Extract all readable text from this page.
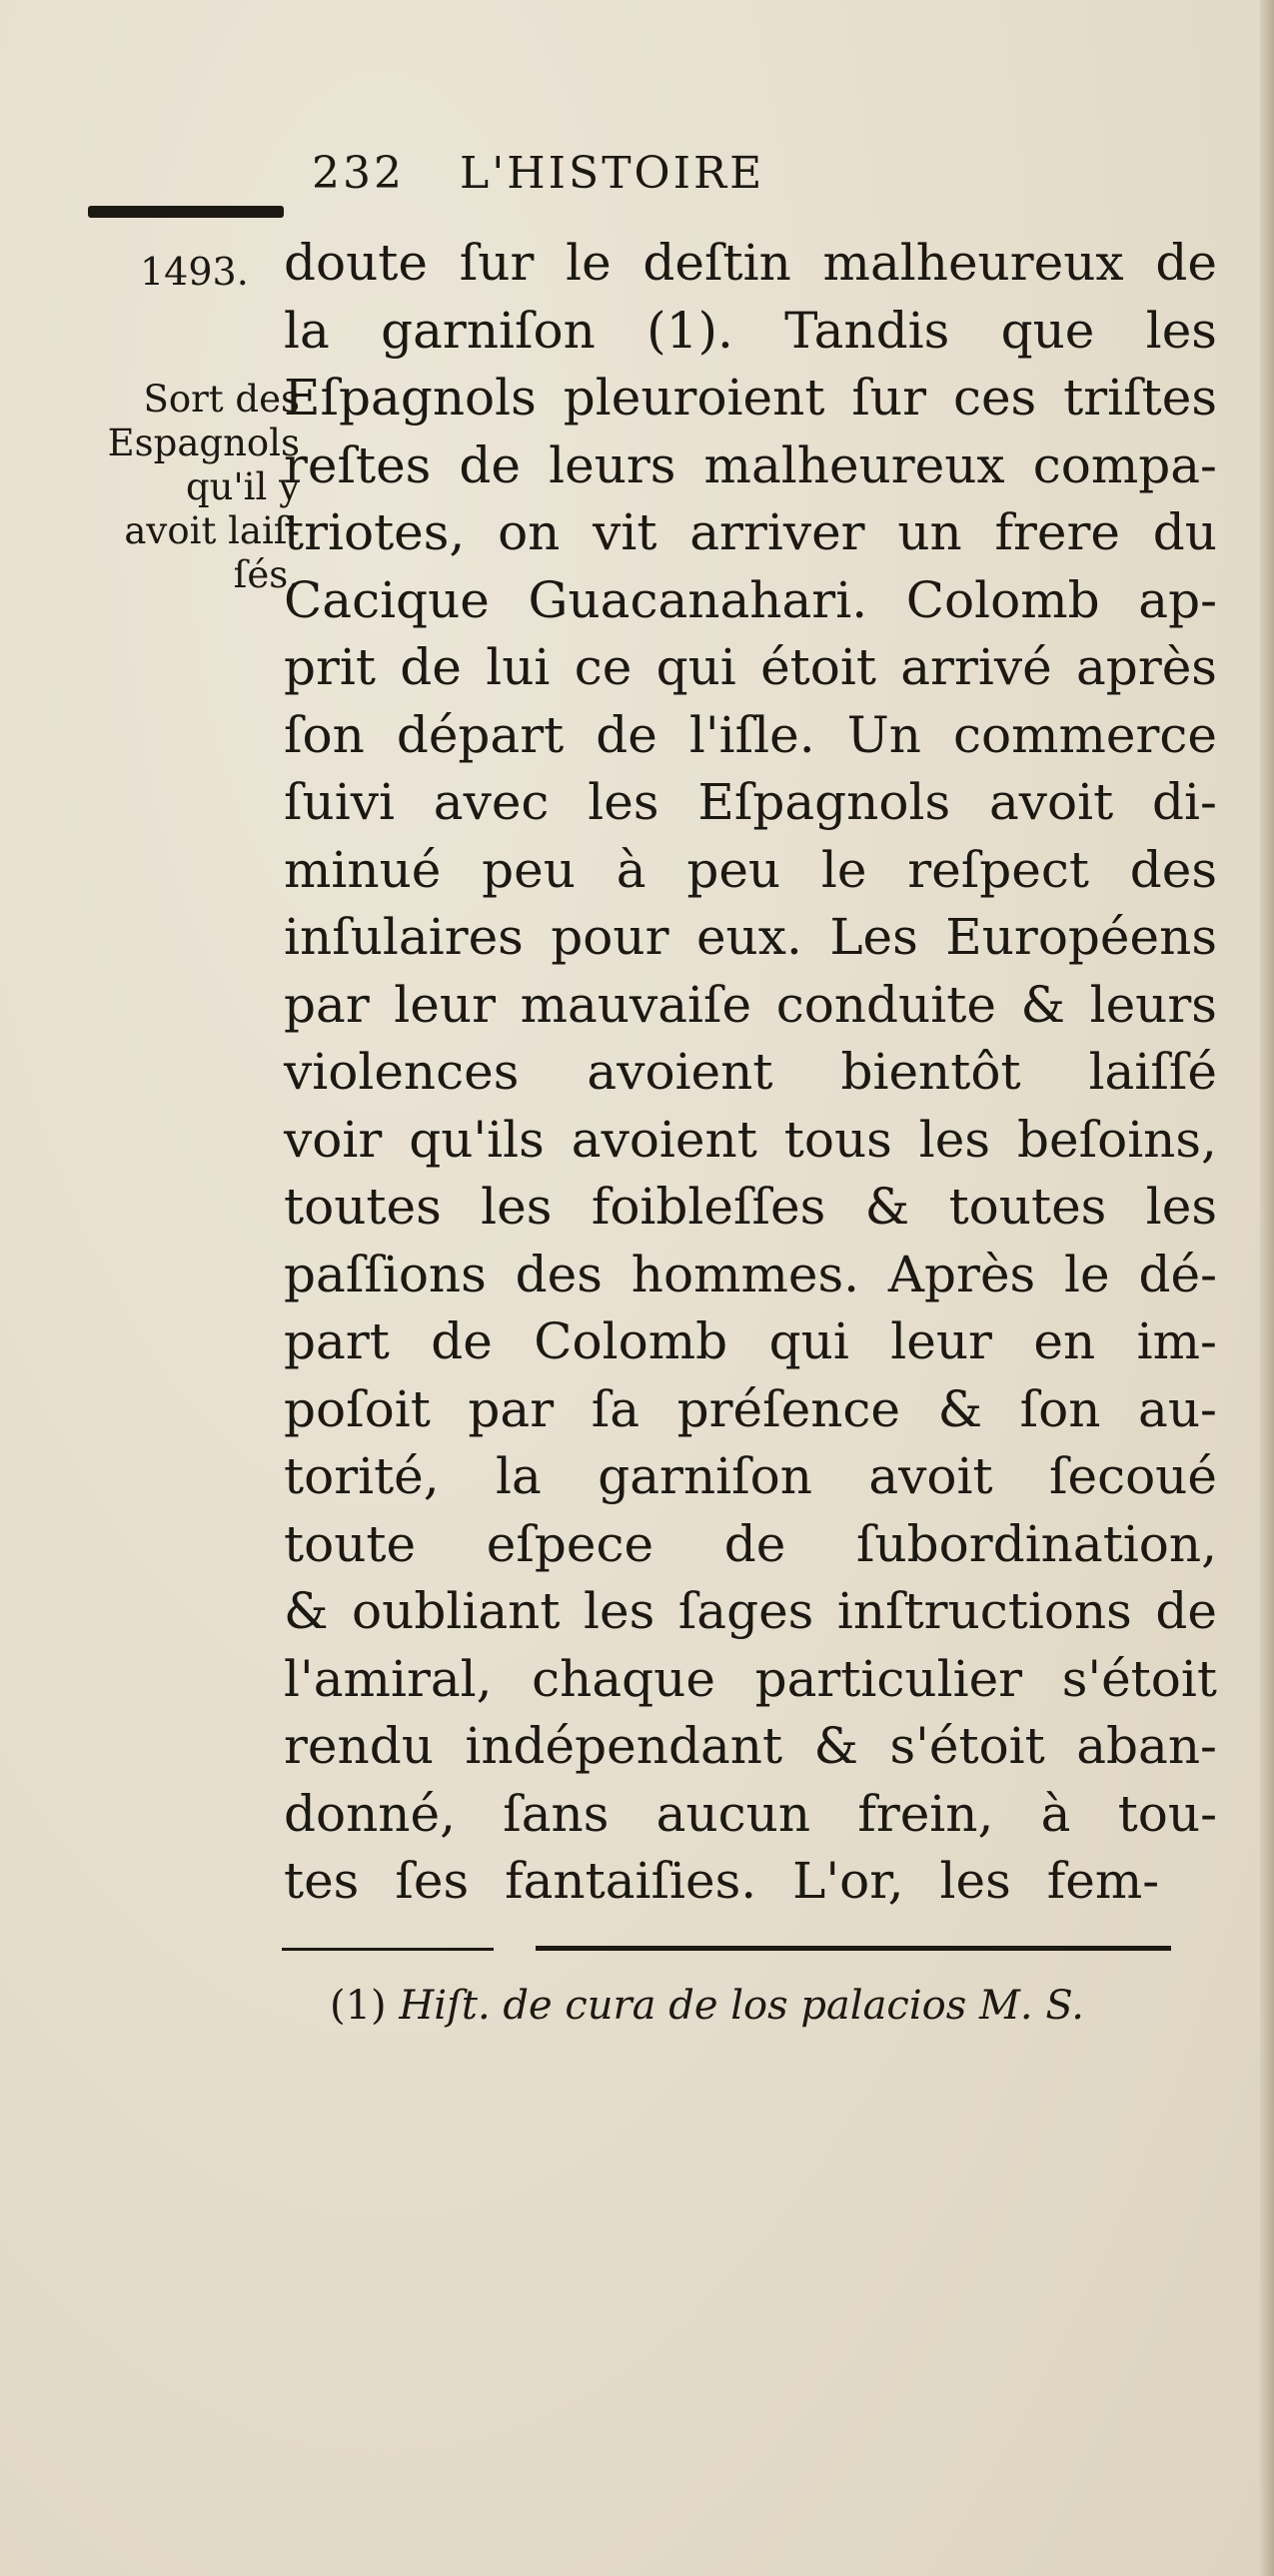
232 L'HISTOIRE
1493.
Sort des
Espagnols
qu'il y
avoit laiſ-
ſés.
doute ſur le deſtin malheureux de
la garniſon (1). Tandis que les
Eſpagnols pleuroient ſur ces triſtes
reſtes de leurs malheureux compa-
triotes, on vit arriver un frere du
Cacique Guacanahari. Colomb ap-
prit de lui ce qui étoit arrivé après
ſon départ de l'iſle. Un commerce
ſuivi avec les Eſpagnols avoit di-
minué peu à peu le reſpect des
inſulaires pour eux. Les Européens
par leur mauvaiſe conduite & leurs
violences avoient bientôt laiſſé
voir qu'ils avoient tous les beſoins,
toutes les foibleſſes & toutes les
paſſions des hommes. Après le dé-
part de Colomb qui leur en im-
poſoit par ſa préſence & ſon au-
torité, la garniſon avoit ſecoué
toute eſpece de ſubordination,
& oubliant les ſages inſtructions de
l'amiral, chaque particulier s'étoit
rendu indépendant & s'étoit aban-
donné, ſans aucun frein, à tou-
tes ſes fantaiſies. L'or, les fem-
(1) Hiſt. de cura de los palacios M. S.
